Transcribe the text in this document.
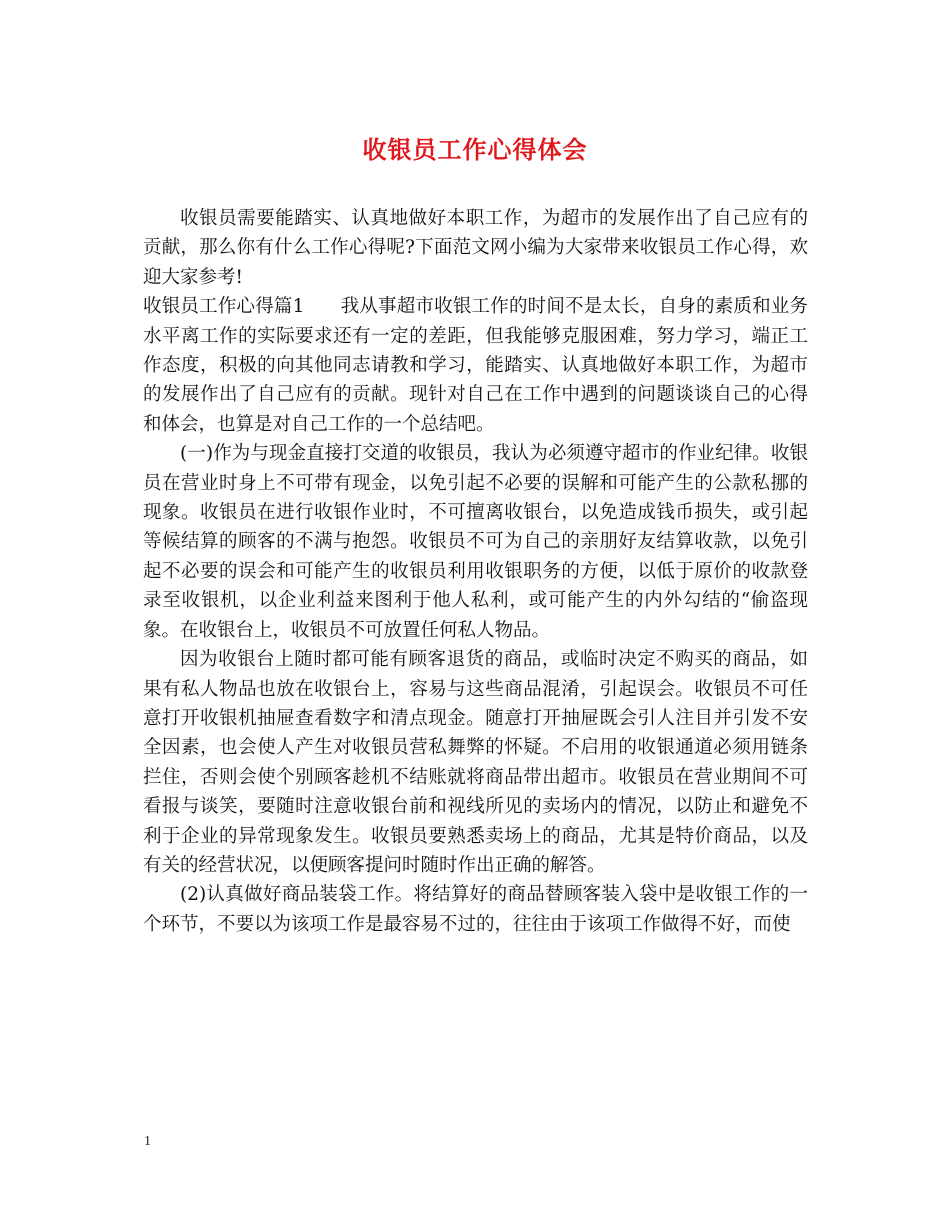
收银员工作心得体会

收银员需要能踏实、认真地做好本职工作，为超市的发展作出了自己应有的贡献，那么你有什么工作心得呢?下面范文网小编为大家带来收银员工作心得，欢迎大家参考!

收银员工作心得篇1 我从事超市收银工作的时间不是太长，自身的素质和业务水平离工作的实际要求还有一定的差距，但我能够克服困难，努力学习，端正工作态度，积极的向其他同志请教和学习，能踏实、认真地做好本职工作，为超市的发展作出了自己应有的贡献。现针对自己在工作中遇到的问题谈谈自己的心得和体会，也算是对自己工作的一个总结吧。

(一)作为与现金直接打交道的收银员，我认为必须遵守超市的作业纪律。收银员在营业时身上不可带有现金，以免引起不必要的误解和可能产生的公款私挪的现象。收银员在进行收银作业时，不可擅离收银台，以免造成钱币损失，或引起等候结算的顾客的不满与抱怨。收银员不可为自己的亲朋好友结算收款，以免引起不必要的误会和可能产生的收银员利用收银职务的方便，以低于原价的收款登录至收银机，以企业利益来图利于他人私利，或可能产生的内外勾结的“偷盗现象。在收银台上，收银员不可放置任何私人物品。

因为收银台上随时都可能有顾客退货的商品，或临时决定不购买的商品，如果有私人物品也放在收银台上，容易与这些商品混淆，引起误会。收银员不可任意打开收银机抽屉查看数字和清点现金。随意打开抽屉既会引人注目并引发不安全因素，也会使人产生对收银员营私舞弊的怀疑。不启用的收银通道必须用链条拦住，否则会使个别顾客趁机不结账就将商品带出超市。收银员在营业期间不可看报与谈笑，要随时注意收银台前和视线所见的卖场内的情况，以防止和避免不利于企业的异常现象发生。收银员要熟悉卖场上的商品，尤其是特价商品，以及有关的经营状况，以便顾客提问时随时作出正确的解答。

(2)认真做好商品装袋工作。将结算好的商品替顾客装入袋中是收银工作的一个环节，不要以为该项工作是最容易不过的，往往由于该项工作做得不好，而使

1
